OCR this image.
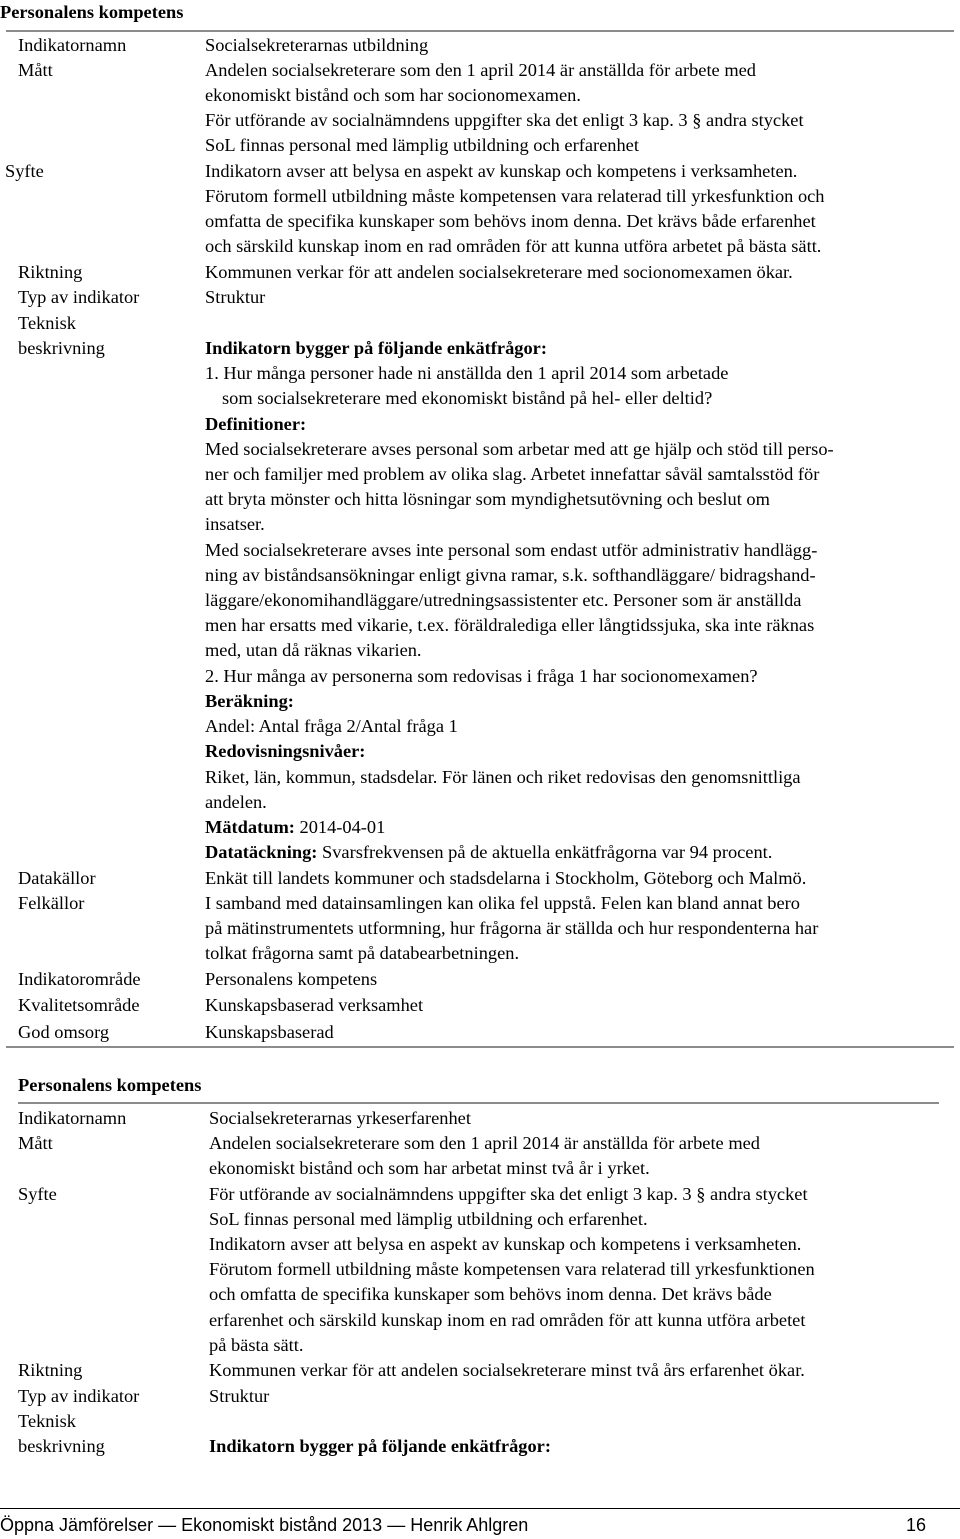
Personalens kompetens
Indikatornamn
Mått
Syfte
Riktning
Typ av indikator
Teknisk
beskrivning
Datakällor
Felkällor
Indikatorområde
Kvalitetsområde
God omsorg
Socialsekreterarnas utbildning
Andelen socialsekreterare som den 1 april 2014 är anställda för arbete med
ekonomiskt bistånd och som har socionomexamen.
För utförande av socialnämndens uppgifter ska det enligt 3 kap. 3 § andra stycket
SoL finnas personal med lämplig utbildning och erfarenhet
Indikatorn avser att belysa en aspekt av kunskap och kompetens i verksamheten.
Förutom formell utbildning måste kompetensen vara relaterad till yrkesfunktion och
omfatta de specifika kunskaper som behövs inom denna. Det krävs både erfarenhet
och särskild kunskap inom en rad områden för att kunna utföra arbetet på bästa sätt.
Kommunen verkar för att andelen socialsekreterare med socionomexamen ökar.
Struktur
Indikatorn bygger på följande enkätfrågor:
1. Hur många personer hade ni anställda den 1 april 2014 som arbetade
som socialsekreterare med ekonomiskt bistånd på hel- eller deltid?
Definitioner:
Med socialsekreterare avses personal som arbetar med att ge hjälp och stöd till perso-
ner och familjer med problem av olika slag. Arbetet innefattar såväl samtalsstöd för
att bryta mönster och hitta lösningar som myndighetsutövning och beslut om
insatser.
Med socialsekreterare avses inte personal som endast utför administrativ handlägg-
ning av biståndsansökningar enligt givna ramar, s.k. softhandläggare/ bidragshand-
läggare/ekonomihandläggare/utredningsassistenter etc. Personer som är anställda
men har ersatts med vikarie, t.ex. föräldralediga eller långtidssjuka, ska inte räknas
med, utan då räknas vikarien.
2. Hur många av personerna som redovisas i fråga 1 har socionomexamen?
Beräkning:
Andel: Antal fråga 2/Antal fråga 1
Redovisningsnivåer:
Riket, län, kommun, stadsdelar. För länen och riket redovisas den genomsnittliga
andelen.
Mätdatum: 2014-04-01
Datatäckning: Svarsfrekvensen på de aktuella enkätfrågorna var 94 procent.
Enkät till landets kommuner och stadsdelarna i Stockholm, Göteborg och Malmö.
I samband med datainsamlingen kan olika fel uppstå. Felen kan bland annat bero
på mätinstrumentets utformning, hur frågorna är ställda och hur respondenterna har
tolkat frågorna samt på databearbetningen.
Personalens kompetens
Kunskapsbaserad verksamhet
Kunskapsbaserad
Personalens kompetens
Indikatornamn
Mått
Syfte
Riktning
Typ av indikator
Teknisk
beskrivning
Socialsekreterarnas yrkeserfarenhet
Andelen socialsekreterare som den 1 april 2014 är anställda för arbete med
ekonomiskt bistånd och som har arbetat minst två år i yrket.
För utförande av socialnämndens uppgifter ska det enligt 3 kap. 3 § andra stycket
SoL finnas personal med lämplig utbildning och erfarenhet.
Indikatorn avser att belysa en aspekt av kunskap och kompetens i verksamheten.
Förutom formell utbildning måste kompetensen vara relaterad till yrkesfunktionen
och omfatta de specifika kunskaper som behövs inom denna. Det krävs både
erfarenhet och särskild kunskap inom en rad områden för att kunna utföra arbetet
på bästa sätt.
Kommunen verkar för att andelen socialsekreterare minst två års erfarenhet ökar.
Struktur
Indikatorn bygger på följande enkätfrågor:
Öppna Jämförelser — Ekonomiskt bistånd 2013 — Henrik Ahlgren	16
